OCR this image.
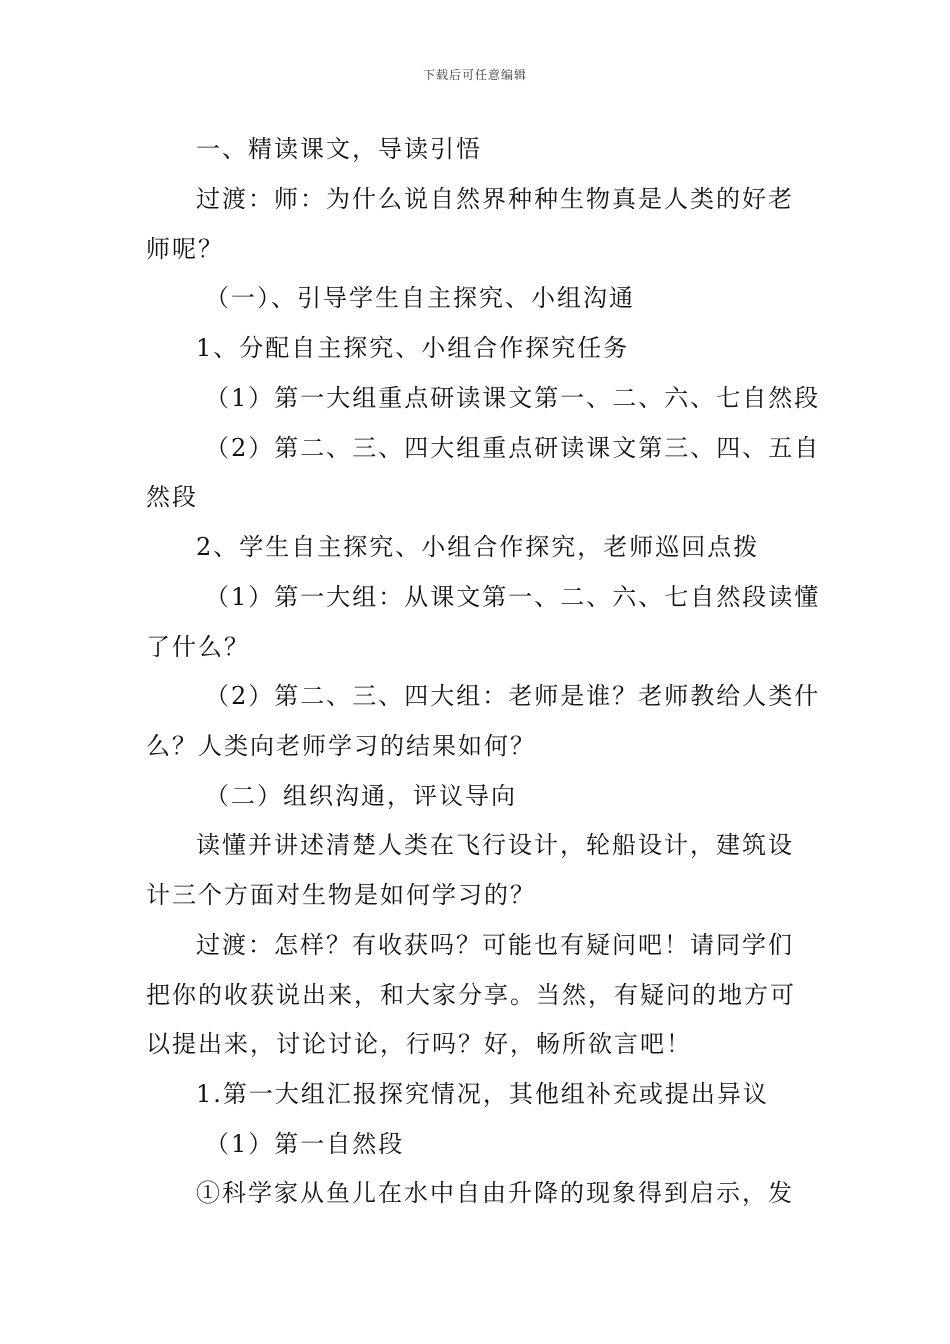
下载后可任意编辑
一、精读课文，导读引悟
过渡：师：为什么说自然界种种生物真是人类的好老
师呢？
（一）、引导学生自主探究、小组沟通
1、分配自主探究、小组合作探究任务
（1）第一大组重点研读课文第一、二、六、七自然段
（2）第二、三、四大组重点研读课文第三、四、五自
然段
2、学生自主探究、小组合作探究，老师巡回点拨
（1）第一大组：从课文第一、二、六、七自然段读懂
了什么？
（2）第二、三、四大组：老师是谁？老师教给人类什
么？人类向老师学习的结果如何？
（二）组织沟通，评议导向
读懂并讲述清楚人类在飞行设计，轮船设计，建筑设
计三个方面对生物是如何学习的？
过渡：怎样？有收获吗？可能也有疑问吧！请同学们
把你的收获说出来，和大家分享。当然，有疑问的地方可
以提出来，讨论讨论，行吗？好，畅所欲言吧！
1.第一大组汇报探究情况，其他组补充或提出异议
（1）第一自然段
①科学家从鱼儿在水中自由升降的现象得到启示，发
